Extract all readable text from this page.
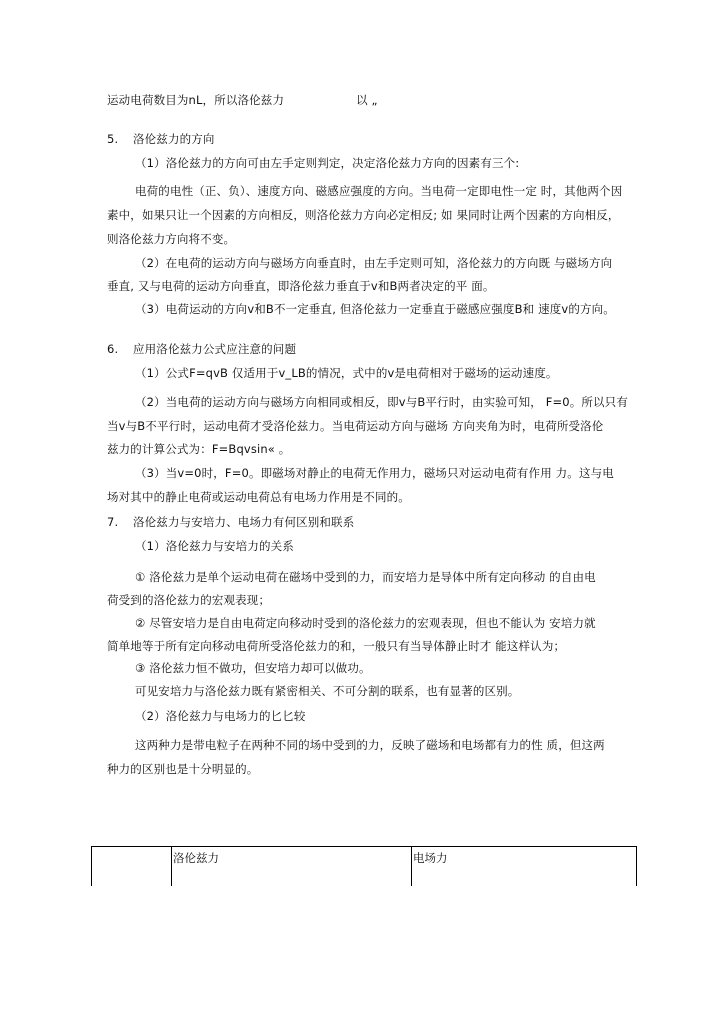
运动电荷数目为nL，所以洛伦兹力	以 „
5. 洛伦兹力的方向
（1）洛伦兹力的方向可由左手定则判定，决定洛伦兹力方向的因素有三个:
电荷的电性（正、负）、速度方向、磁感应强度的方向。当电荷一定即电性一定 时，其他两个因
素中，如果只让一个因素的方向相反，则洛伦兹力方向必定相反; 如 果同时让两个因素的方向相反，
则洛伦兹力方向将不变。
（2）在电荷的运动方向与磁场方向垂直时，由左手定则可知，洛伦兹力的方向既 与磁场方向
垂直, 又与电荷的运动方向垂直，即洛伦兹力垂直于v和B两者决定的平 面。
（3）电荷运动的方向v和B不一定垂直, 但洛伦兹力一定垂直于磁感应强度B和 速度v的方向。
6. 应用洛伦兹力公式应注意的问题
（1）公式F=qvB 仅适用于v_LB的情况，式中的v是电荷相对于磁场的运动速度。
（2）当电荷的运动方向与磁场方向相同或相反，即v与B平行时，由实验可知， F=0。所以只有
当v与B不平行时，运动电荷才受洛伦兹力。当电荷运动方向与磁场 方向夹角为时，电荷所受洛伦
兹力的计算公式为：F=Bqvsin« 。
（3）当v=0时，F=0。即磁场对静止的电荷无作用力，磁场只对运动电荷有作用 力。这与电
场对其中的静止电荷或运动电荷总有电场力作用是不同的。
7. 洛伦兹力与安培力、电场力有何区别和联系
（1）洛伦兹力与安培力的关系
① 洛伦兹力是单个运动电荷在磁场中受到的力，而安培力是导体中所有定向移动 的自由电
荷受到的洛伦兹力的宏观表现；
② 尽管安培力是自由电荷定向移动时受到的洛伦兹力的宏观表现，但也不能认为 安培力就
简单地等于所有定向移动电荷所受洛伦兹力的和，一般只有当导体静止时才 能这样认为；
③ 洛伦兹力恒不做功，但安培力却可以做功。
可见安培力与洛伦兹力既有紧密相关、不可分割的联系，也有显著的区别。
（2）洛伦兹力与电场力的匕匕较
这两种力是带电粒子在两种不同的场中受到的力，反映了磁场和电场都有力的性 质，但这两
种力的区别也是十分明显的。
	洛伦兹力	电场力
